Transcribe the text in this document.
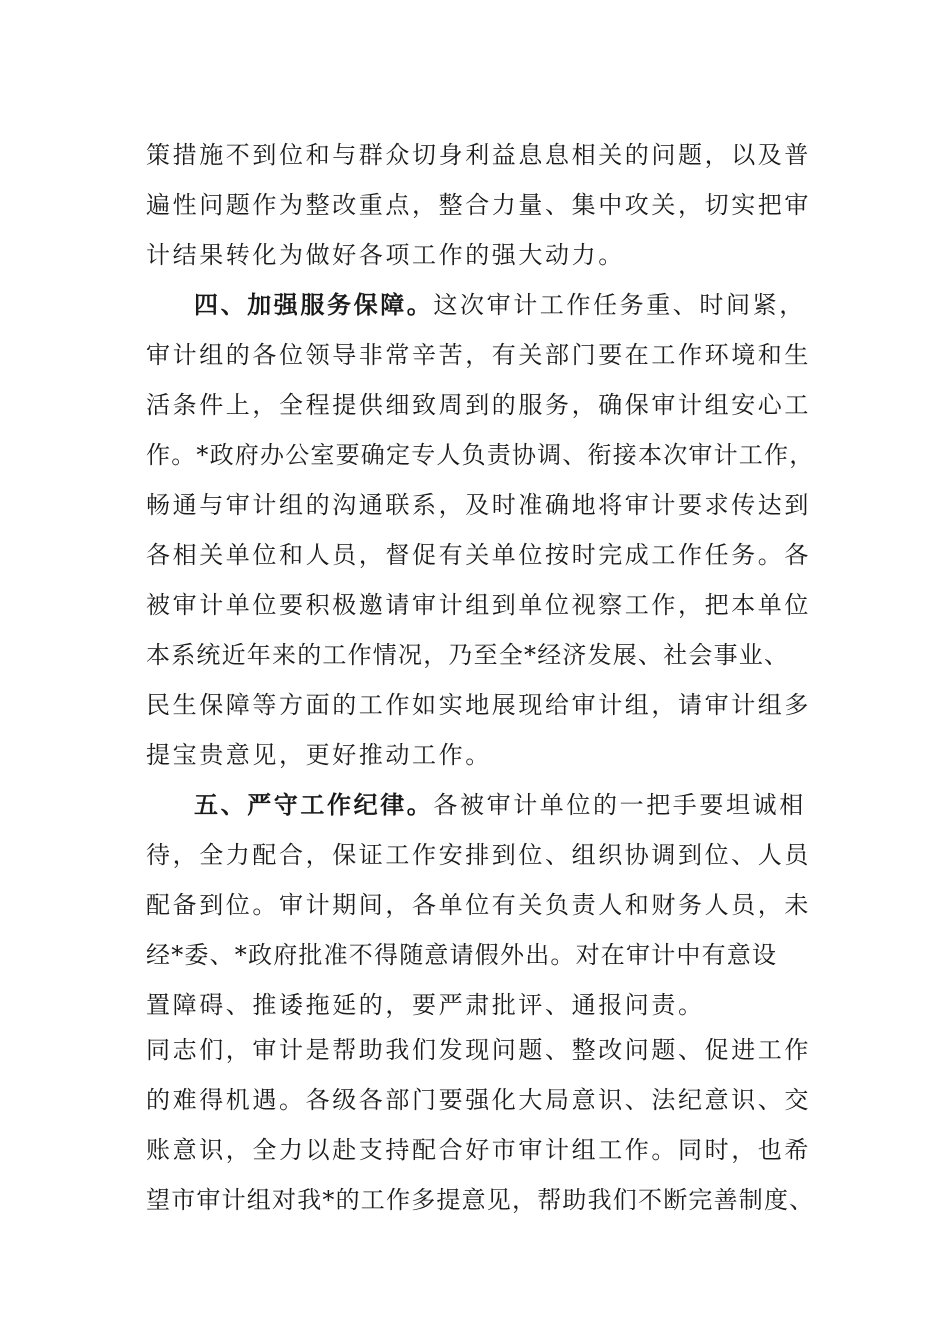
策措施不到位和与群众切身利益息息相关的问题，以及普
遍性问题作为整改重点，整合力量、集中攻关，切实把审
计结果转化为做好各项工作的强大动力。
四、加强服务保障。这次审计工作任务重、时间紧，
审计组的各位领导非常辛苦，有关部门要在工作环境和生
活条件上，全程提供细致周到的服务，确保审计组安心工
作。*政府办公室要确定专人负责协调、衔接本次审计工作，
畅通与审计组的沟通联系，及时准确地将审计要求传达到
各相关单位和人员，督促有关单位按时完成工作任务。各
被审计单位要积极邀请审计组到单位视察工作，把本单位
本系统近年来的工作情况，乃至全*经济发展、社会事业、
民生保障等方面的工作如实地展现给审计组，请审计组多
提宝贵意见，更好推动工作。
五、严守工作纪律。各被审计单位的一把手要坦诚相
待，全力配合，保证工作安排到位、组织协调到位、人员
配备到位。审计期间，各单位有关负责人和财务人员，未
经*委、*政府批准不得随意请假外出。对在审计中有意设
置障碍、推诿拖延的，要严肃批评、通报问责。
同志们，审计是帮助我们发现问题、整改问题、促进工作
的难得机遇。各级各部门要强化大局意识、法纪意识、交
账意识，全力以赴支持配合好市审计组工作。同时，也希
望市审计组对我*的工作多提意见，帮助我们不断完善制度、
